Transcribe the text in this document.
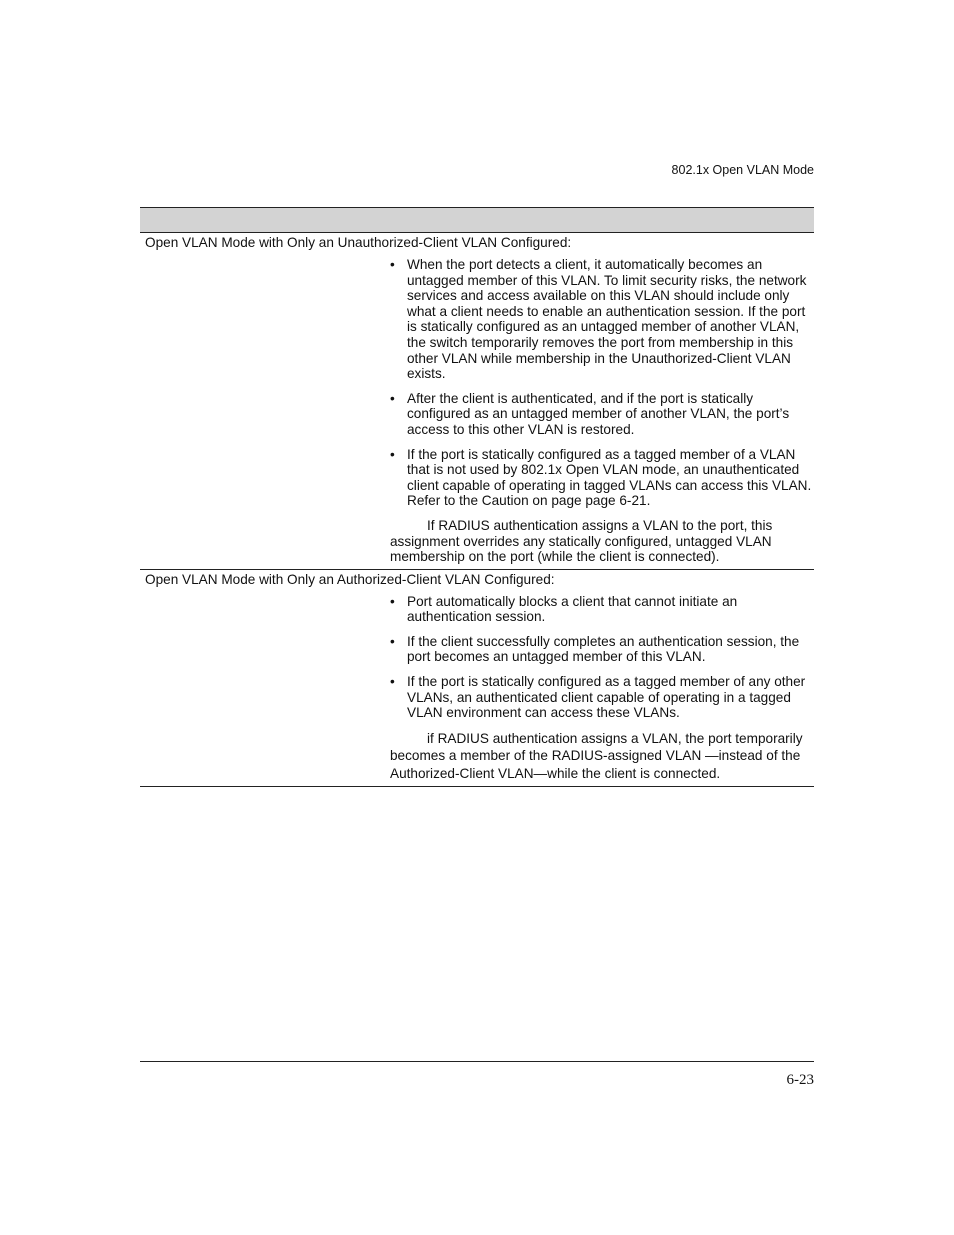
802.1x Open VLAN Mode
Open VLAN Mode with Only an Unauthorized-Client VLAN Configured:
• When the port detects a client, it automatically becomes an untagged member of this VLAN. To limit security risks, the network services and access available on this VLAN should include only what a client needs to enable an authentication session. If the port is statically configured as an untagged member of another VLAN, the switch temporarily removes the port from membership in this other VLAN while membership in the Unauthorized-Client VLAN exists.
• After the client is authenticated, and if the port is statically configured as an untagged member of another VLAN, the port’s access to this other VLAN is restored.
• If the port is statically configured as a tagged member of a VLAN that is not used by 802.1x Open VLAN mode, an unauthenticated client capable of operating in tagged VLANs can access this VLAN. Refer to the Caution on page page 6-21.

If RADIUS authentication assigns a VLAN to the port, this assignment overrides any statically configured, untagged VLAN membership on the port (while the client is connected).

Open VLAN Mode with Only an Authorized-Client VLAN Configured:
• Port automatically blocks a client that cannot initiate an authentication session.
• If the client successfully completes an authentication session, the port becomes an untagged member of this VLAN.
• If the port is statically configured as a tagged member of any other VLANs, an authenticated client capable of operating in a tagged VLAN environment can access these VLANs.

if RADIUS authentication assigns a VLAN, the port temporarily becomes a member of the RADIUS-assigned VLAN —instead of the Authorized-Client VLAN—while the client is connected.

6-23
